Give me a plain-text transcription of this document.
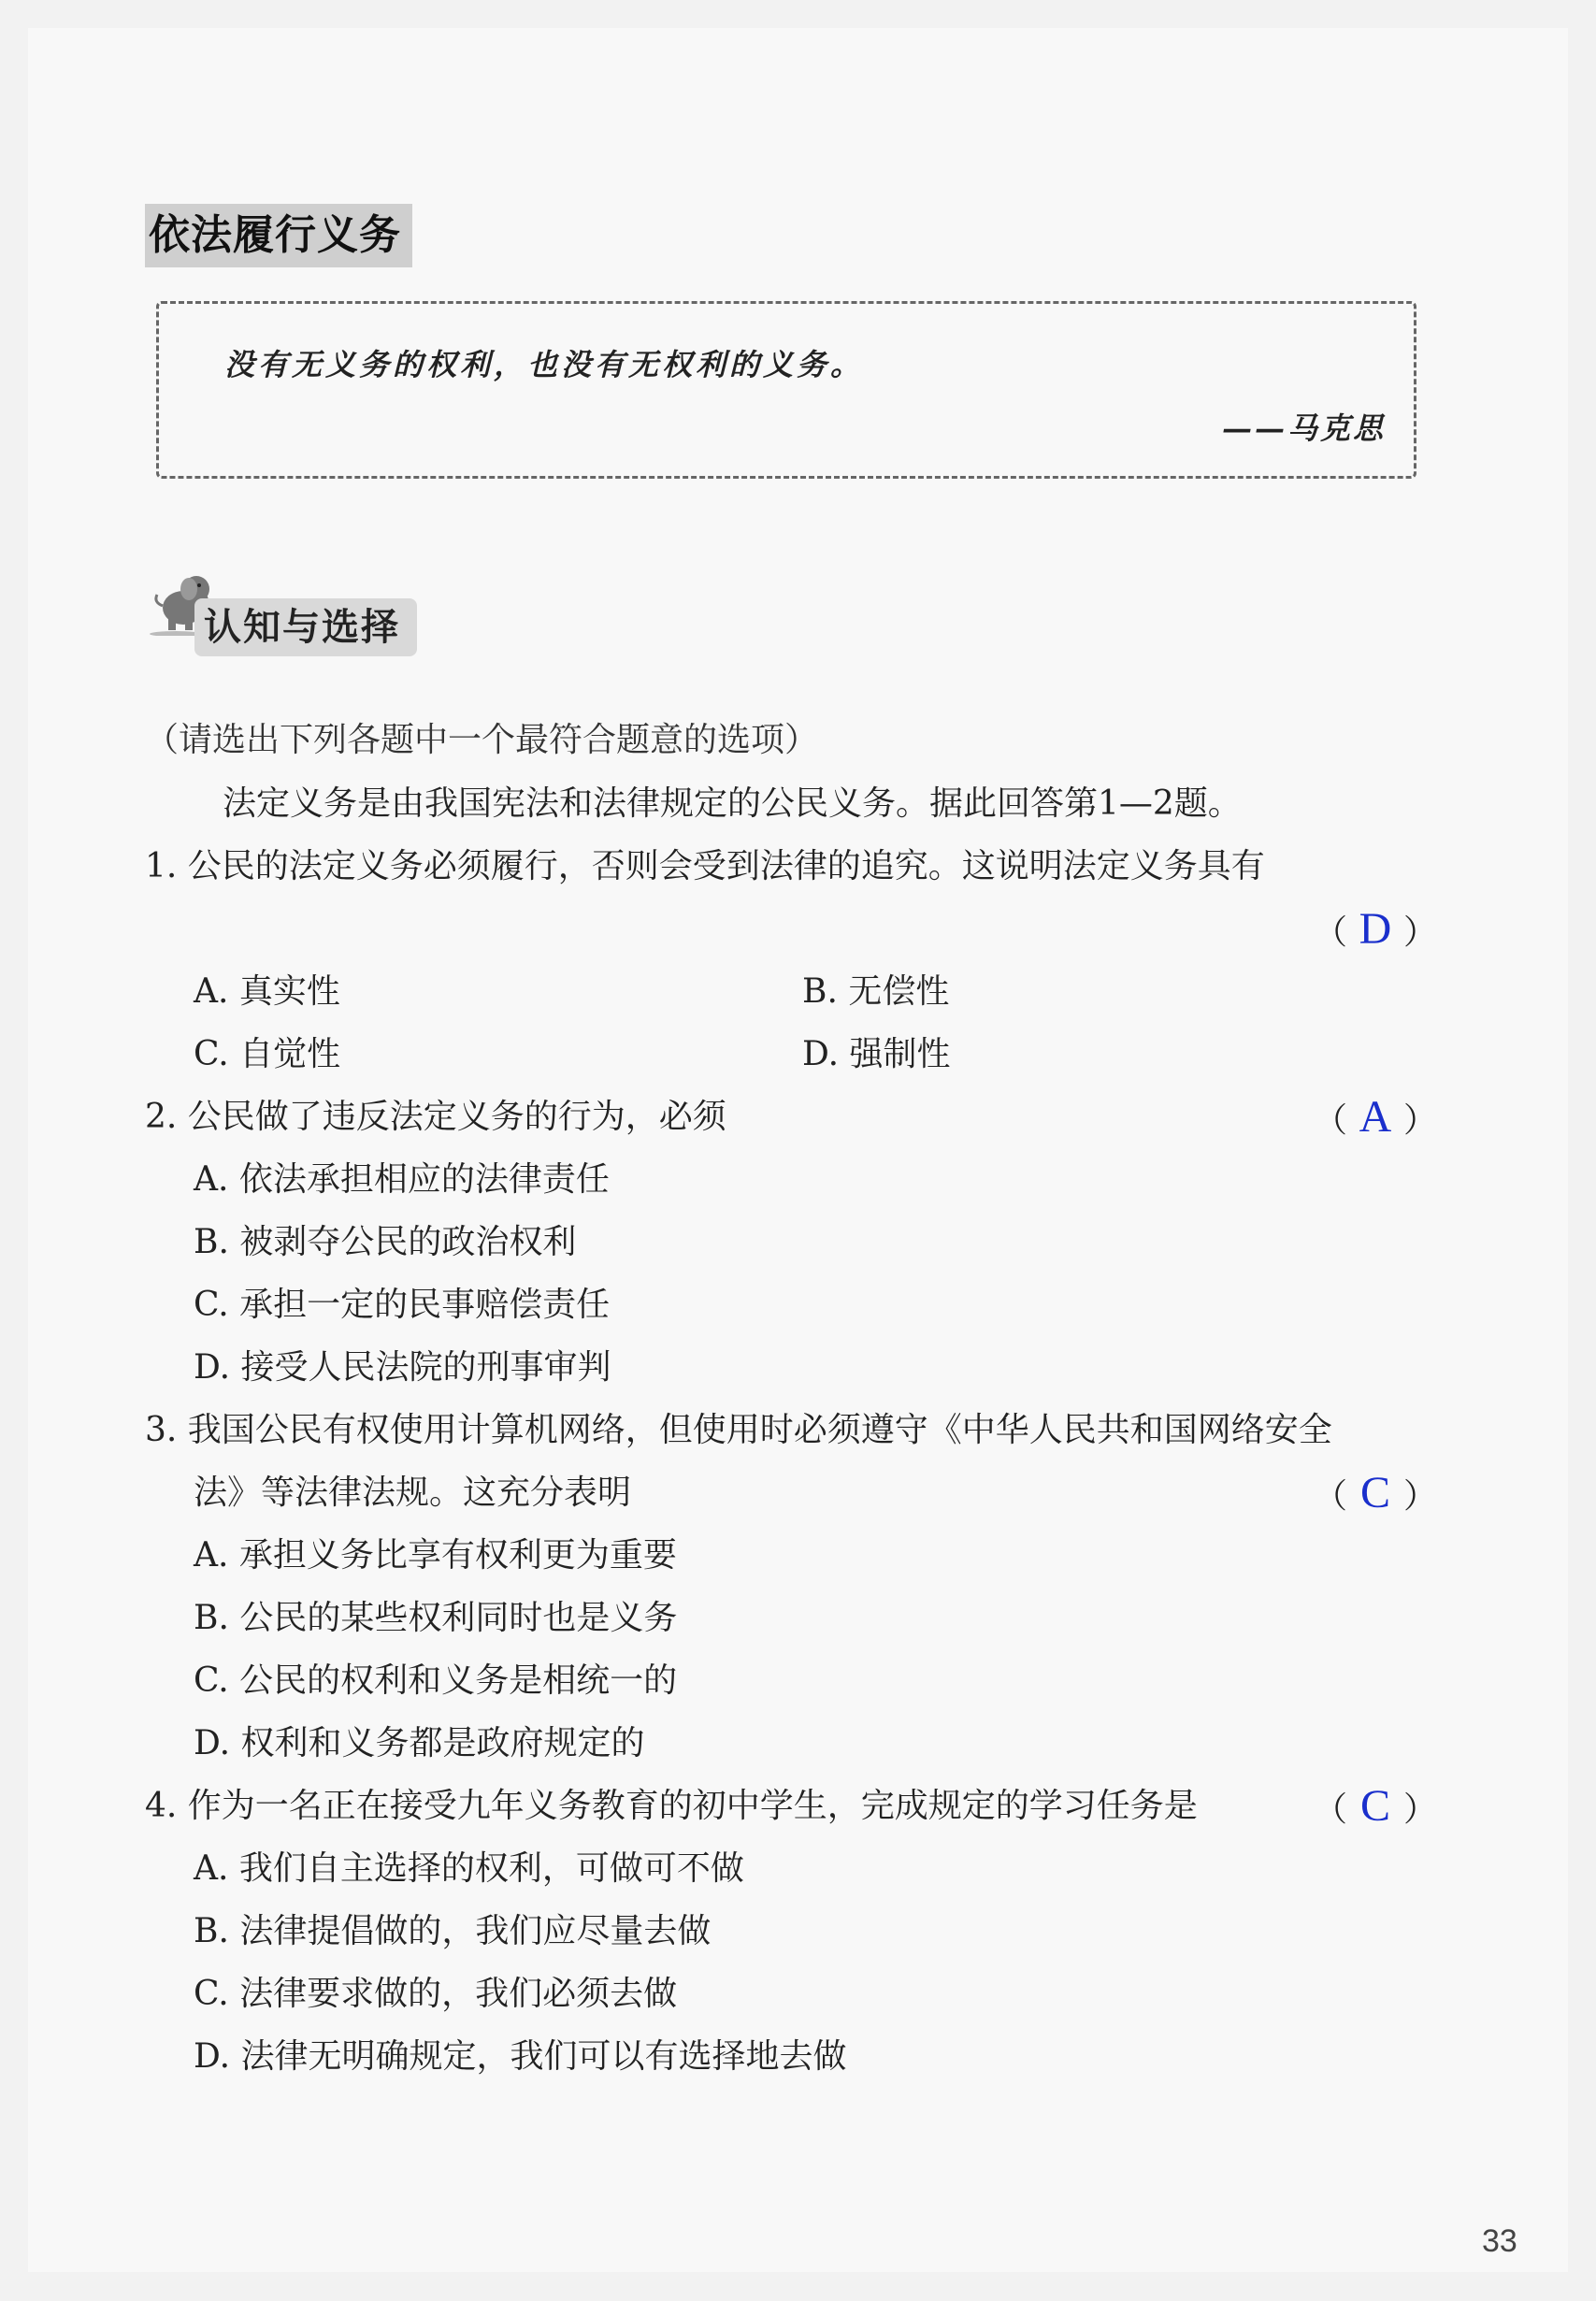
依法履行义务
没有无义务的权利，也没有无权利的义务。
——马克思
认知与选择
（请选出下列各题中一个最符合题意的选项）
法定义务是由我国宪法和法律规定的公民义务。据此回答第1—2题。
1. 公民的法定义务必须履行，否则会受到法律的追究。这说明法定义务具有
（ D ）
A. 真实性	B. 无偿性
C. 自觉性	D. 强制性
2. 公民做了违反法定义务的行为，必须	（ A ）
A. 依法承担相应的法律责任
B. 被剥夺公民的政治权利
C. 承担一定的民事赔偿责任
D. 接受人民法院的刑事审判
3. 我国公民有权使用计算机网络，但使用时必须遵守《中华人民共和国网络安全
法》等法律法规。这充分表明	（ C ）
A. 承担义务比享有权利更为重要
B. 公民的某些权利同时也是义务
C. 公民的权利和义务是相统一的
D. 权利和义务都是政府规定的
4. 作为一名正在接受九年义务教育的初中学生，完成规定的学习任务是	（ C ）
A. 我们自主选择的权利，可做可不做
B. 法律提倡做的，我们应尽量去做
C. 法律要求做的，我们必须去做
D. 法律无明确规定，我们可以有选择地去做
33
